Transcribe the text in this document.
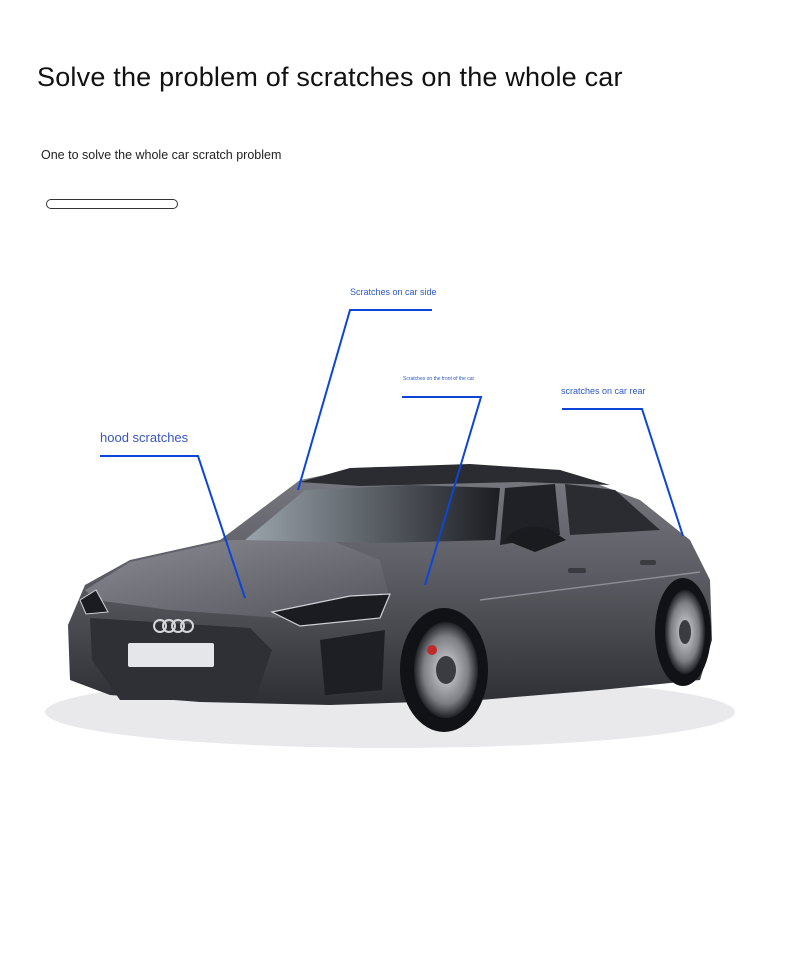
Solve the problem of scratches on the whole car
One to solve the whole car scratch problem
Scratches on car side
Scratches on the front of the car
scratches on car rear
hood scratches
